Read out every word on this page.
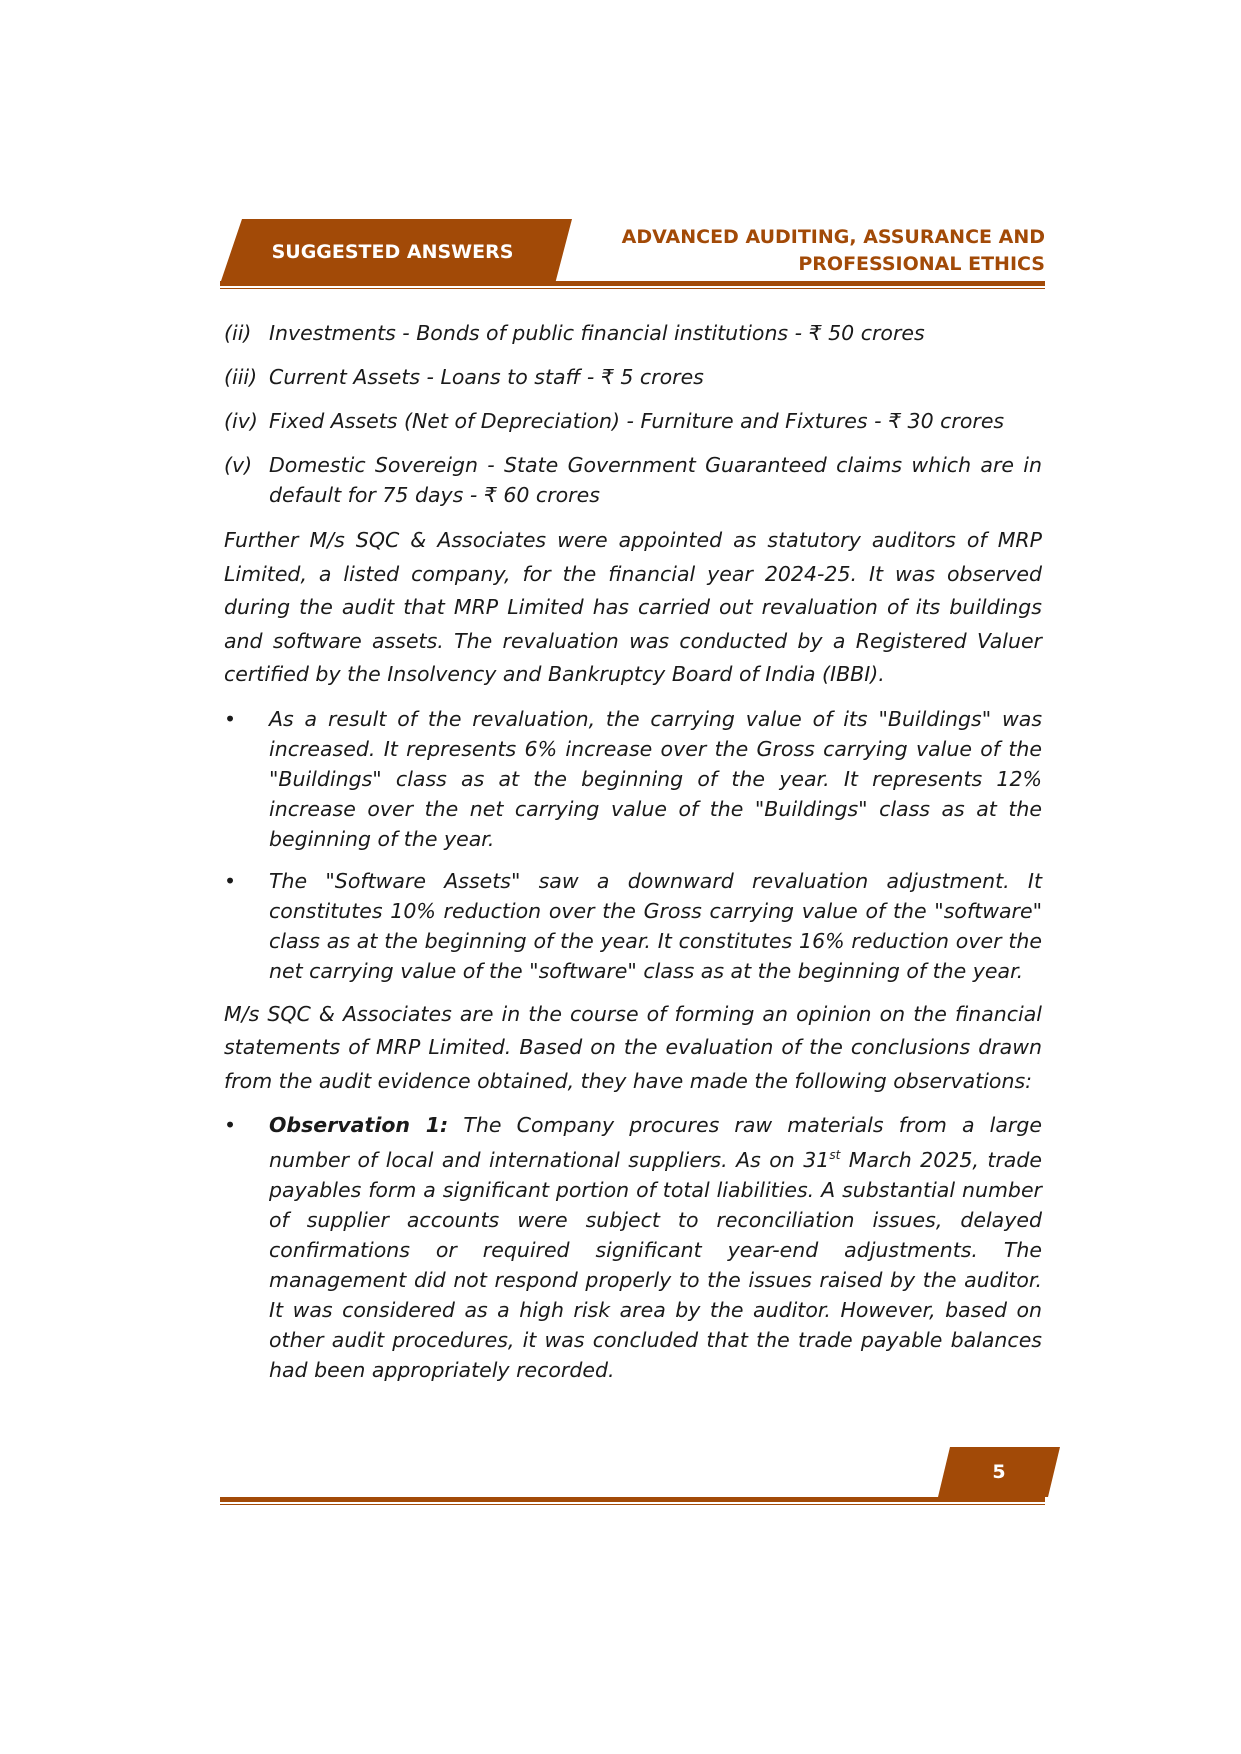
SUGGESTED ANSWERS
ADVANCED AUDITING, ASSURANCE AND
PROFESSIONAL ETHICS
(ii) Investments - Bonds of public financial institutions - ₹ 50 crores
(iii) Current Assets - Loans to staff - ₹ 5 crores
(iv) Fixed Assets (Net of Depreciation) - Furniture and Fixtures - ₹ 30 crores
(v) Domestic Sovereign - State Government Guaranteed claims which are in default for 75 days - ₹ 60 crores

Further M/s SQC & Associates were appointed as statutory auditors of MRP Limited, a listed company, for the financial year 2024-25. It was observed during the audit that MRP Limited has carried out revaluation of its buildings and software assets. The revaluation was conducted by a Registered Valuer certified by the Insolvency and Bankruptcy Board of India (IBBI).

•	As a result of the revaluation, the carrying value of its "Buildings" was increased. It represents 6% increase over the Gross carrying value of the "Buildings" class as at the beginning of the year. It represents 12% increase over the net carrying value of the "Buildings" class as at the beginning of the year.
•	The "Software Assets" saw a downward revaluation adjustment. It constitutes 10% reduction over the Gross carrying value of the "software" class as at the beginning of the year. It constitutes 16% reduction over the net carrying value of the "software" class as at the beginning of the year.

M/s SQC & Associates are in the course of forming an opinion on the financial statements of MRP Limited. Based on the evaluation of the conclusions drawn from the audit evidence obtained, they have made the following observations:

•	Observation 1: The Company procures raw materials from a large number of local and international suppliers. As on 31st March 2025, trade payables form a significant portion of total liabilities. A substantial number of supplier accounts were subject to reconciliation issues, delayed confirmations or required significant year-end adjustments. The management did not respond properly to the issues raised by the auditor. It was considered as a high risk area by the auditor. However, based on other audit procedures, it was concluded that the trade payable balances had been appropriately recorded.
5
